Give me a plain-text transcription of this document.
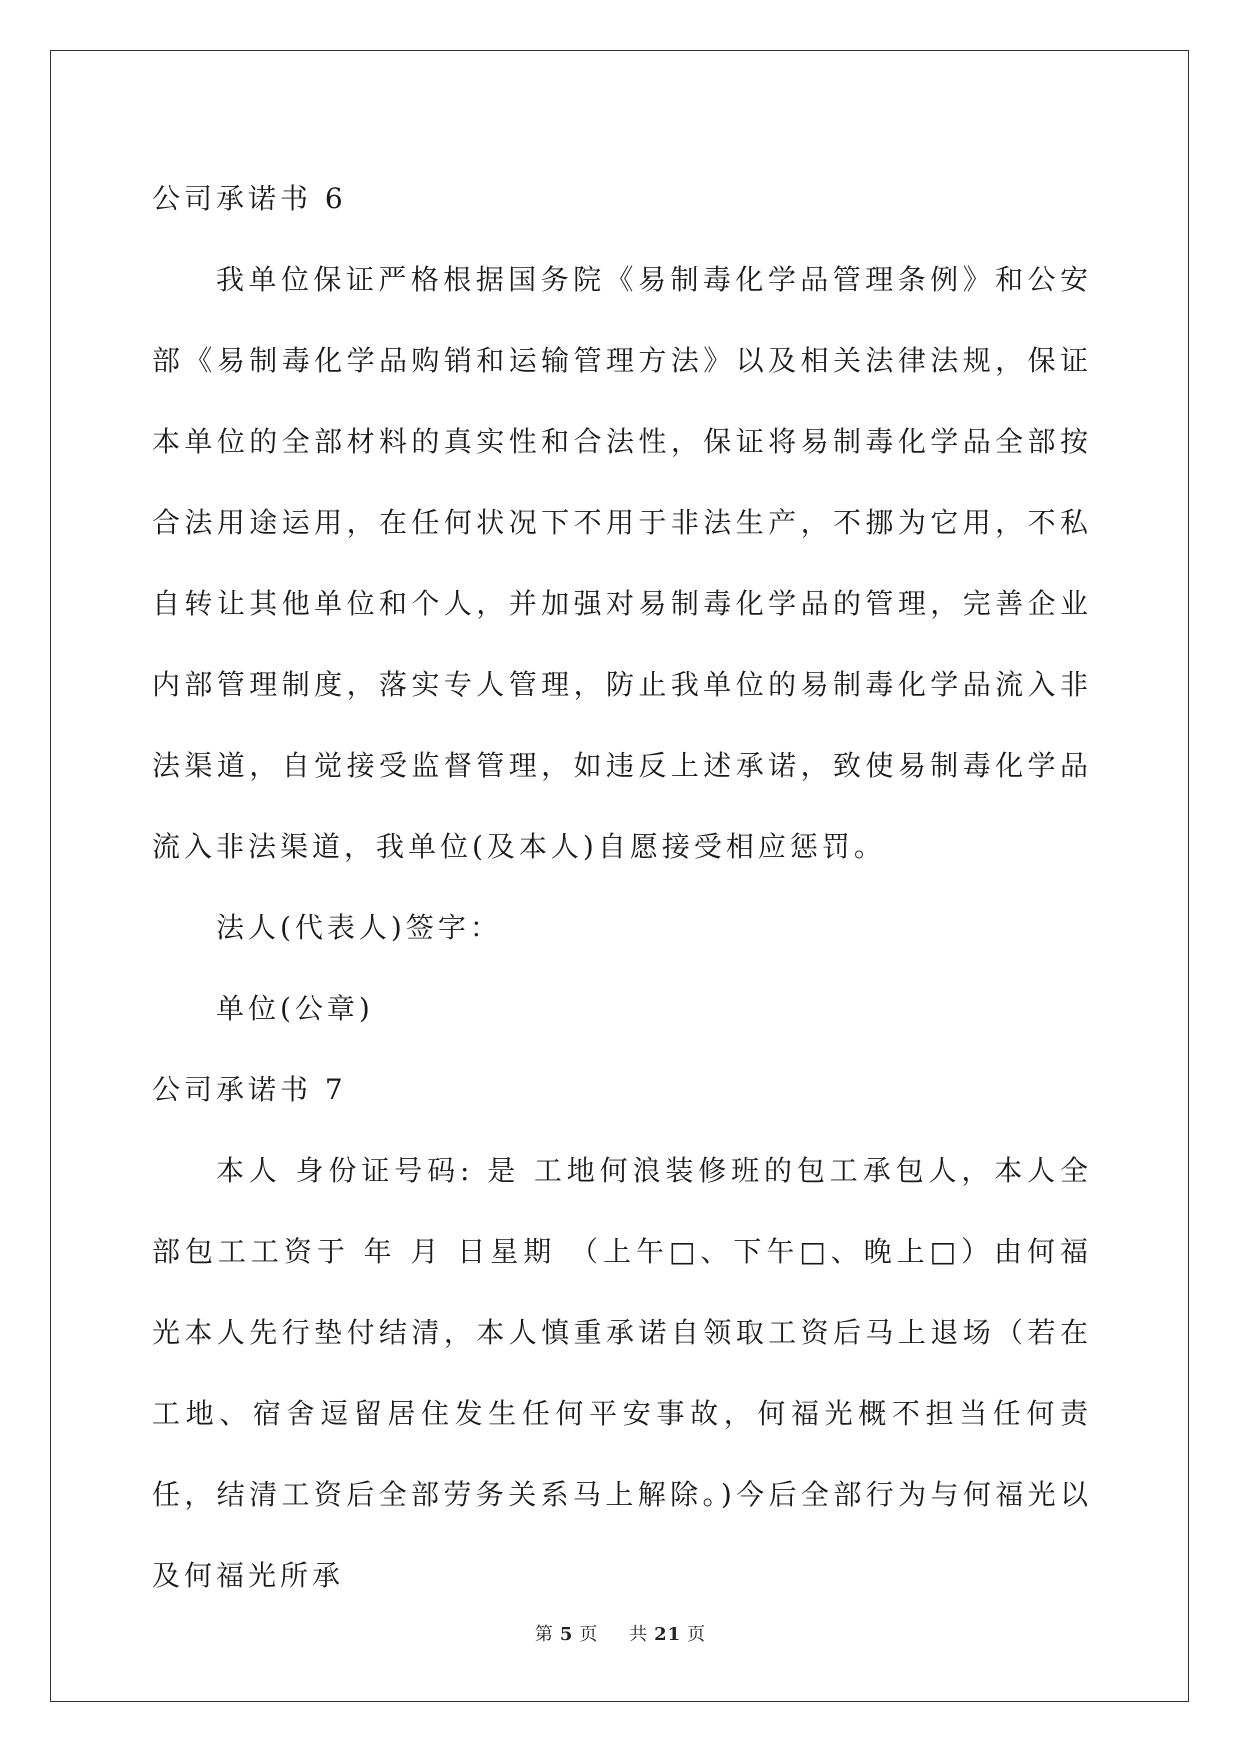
公司承诺书 6

我单位保证严格根据国务院《易制毒化学品管理条例》和公安部《易制毒化学品购销和运输管理方法》以及相关法律法规，保证本单位的全部材料的真实性和合法性，保证将易制毒化学品全部按合法用途运用，在任何状况下不用于非法生产，不挪为它用，不私自转让其他单位和个人，并加强对易制毒化学品的管理，完善企业内部管理制度，落实专人管理，防止我单位的易制毒化学品流入非法渠道，自觉接受监督管理，如违反上述承诺，致使易制毒化学品流入非法渠道，我单位(及本人)自愿接受相应惩罚。

法人(代表人)签字：

单位(公章)

公司承诺书 7

本人 身份证号码: 是 工地何浪装修班的包工承包人，本人全部包工工资于 年 月 日星期 （上午□、下午□、晚上□）由何福光本人先行垫付结清，本人慎重承诺自领取工资后马上退场（若在工地、宿舍逗留居住发生任何平安事故，何福光概不担当任何责任，结清工资后全部劳务关系马上解除。)今后全部行为与何福光以及何福光所承

第 5 页 共 21 页
